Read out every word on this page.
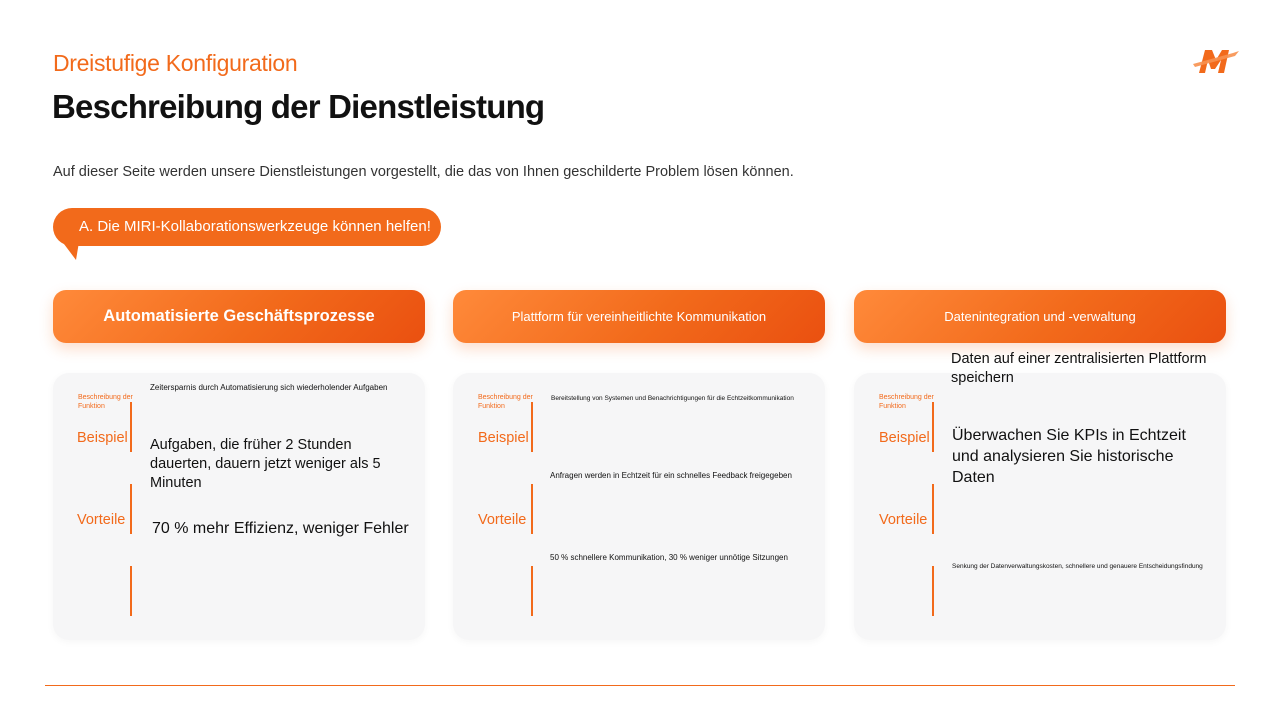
Dreistufige Konfiguration
Beschreibung der Dienstleistung
Auf dieser Seite werden unsere Dienstleistungen vorgestellt, die das von Ihnen geschilderte Problem lösen können.
A. Die MIRI-Kollaborationswerkzeuge können helfen!
Automatisierte Geschäftsprozesse	Plattform für vereinheitlichte Kommunikation	Datenintegration und -verwaltung
Beschreibung der Funktion
Beispiel
Vorteile
Zeitersparnis durch Automatisierung sich wiederholender Aufgaben
Aufgaben, die früher 2 Stunden dauerten, dauern jetzt weniger als 5 Minuten
70 % mehr Effizienz, weniger Fehler
Beschreibung der Funktion
Beispiel
Vorteile
Bereitstellung von Systemen und Benachrichtigungen für die Echtzeitkommunikation
Anfragen werden in Echtzeit für ein schnelles Feedback freigegeben
50 % schnellere Kommunikation, 30 % weniger unnötige Sitzungen
Beschreibung der Funktion
Beispiel
Vorteile
Daten auf einer zentralisierten Plattform speichern
Überwachen Sie KPIs in Echtzeit und analysieren Sie historische Daten
Senkung der Datenverwaltungskosten, schnellere und genauere Entscheidungsfindung
